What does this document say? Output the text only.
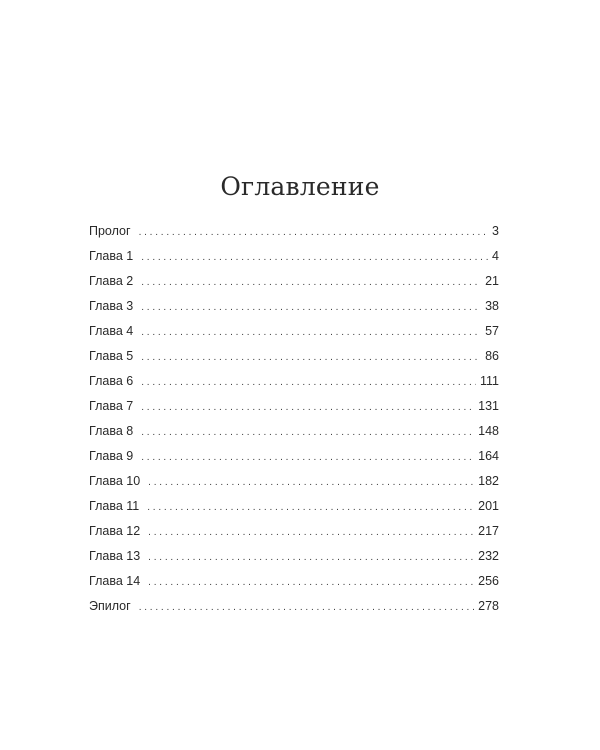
Оглавление
Пролог . . .	3
Глава 1 . . .	4
Глава 2 . . .	21
Глава 3 . . .	38
Глава 4 . . .	57
Глава 5 . . .	86
Глава 6 . . .	111
Глава 7 . . .	131
Глава 8 . . .	148
Глава 9 . . .	164
Глава 10 . . .	182
Глава 11 . . .	201
Глава 12 . . .	217
Глава 13 . . .	232
Глава 14 . . .	256
Эпилог . . .	278
